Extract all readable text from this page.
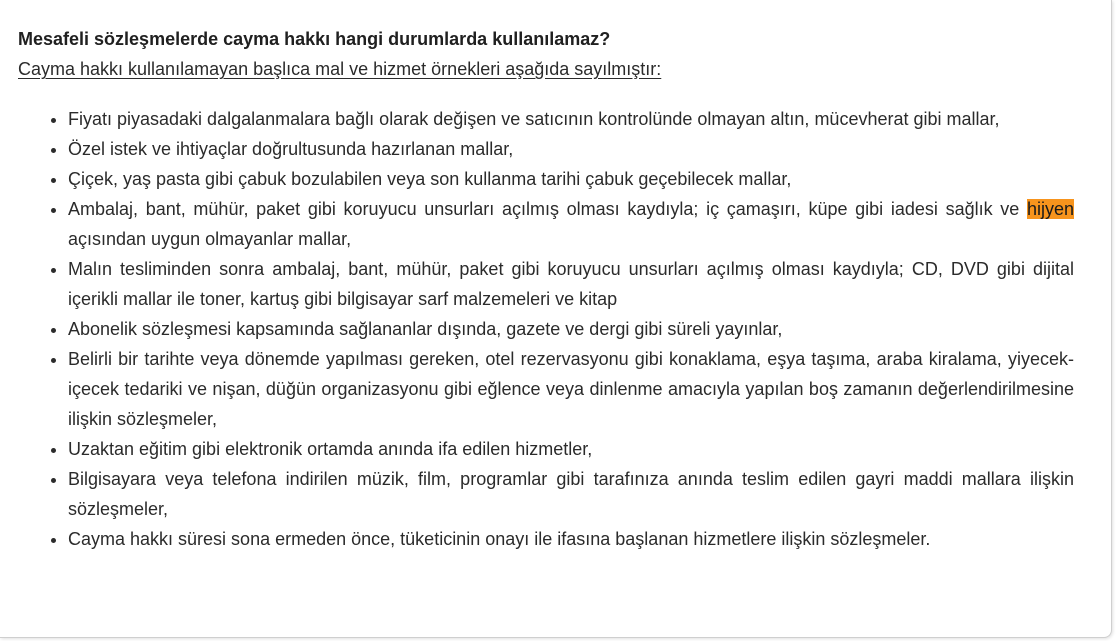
Mesafeli sözleşmelerde cayma hakkı hangi durumlarda kullanılamaz?

Cayma hakkı kullanılamayan başlıca mal ve hizmet örnekleri aşağıda sayılmıştır:

• Fiyatı piyasadaki dalgalanmalara bağlı olarak değişen ve satıcının kontrolünde olmayan altın, mücevherat gibi mallar,
• Özel istek ve ihtiyaçlar doğrultusunda hazırlanan mallar,
• Çiçek, yaş pasta gibi çabuk bozulabilen veya son kullanma tarihi çabuk geçebilecek mallar,
• Ambalaj, bant, mühür, paket gibi koruyucu unsurları açılmış olması kaydıyla; iç çamaşırı, küpe gibi iadesi sağlık ve hijyen açısından uygun olmayanlar mallar,
• Malın tesliminden sonra ambalaj, bant, mühür, paket gibi koruyucu unsurları açılmış olması kaydıyla; CD, DVD gibi dijital içerikli mallar ile toner, kartuş gibi bilgisayar sarf malzemeleri ve kitap
• Abonelik sözleşmesi kapsamında sağlananlar dışında, gazete ve dergi gibi süreli yayınlar,
• Belirli bir tarihte veya dönemde yapılması gereken, otel rezervasyonu gibi konaklama, eşya taşıma, araba kiralama, yiyecek-içecek tedariki ve nişan, düğün organizasyonu gibi eğlence veya dinlenme amacıyla yapılan boş zamanın değerlendirilmesine ilişkin sözleşmeler,
• Uzaktan eğitim gibi elektronik ortamda anında ifa edilen hizmetler,
• Bilgisayara veya telefona indirilen müzik, film, programlar gibi tarafınıza anında teslim edilen gayri maddi mallara ilişkin sözleşmeler,
• Cayma hakkı süresi sona ermeden önce, tüketicinin onayı ile ifasına başlanan hizmetlere ilişkin sözleşmeler.
